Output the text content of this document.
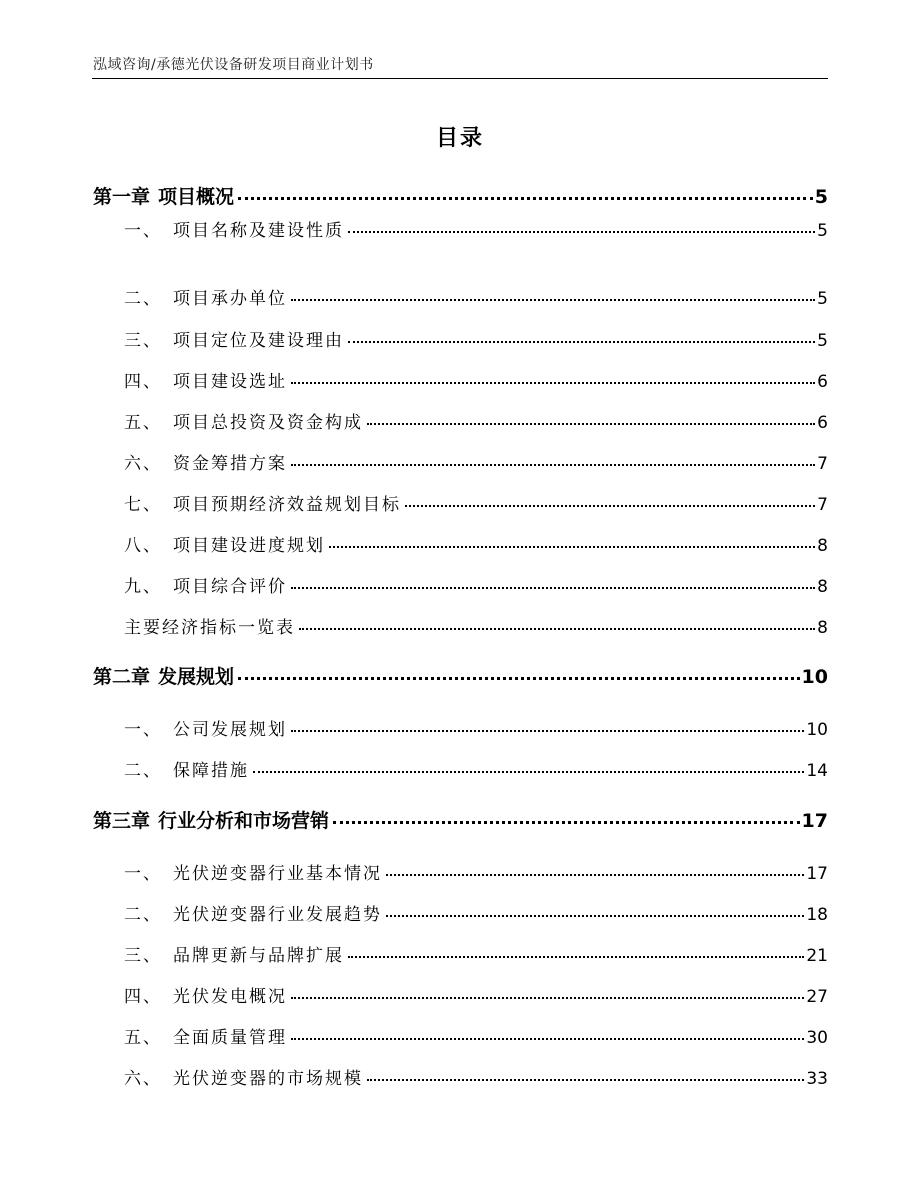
泓域咨询/承德光伏设备研发项目商业计划书
目录
第一章 项目概况	5
一、 项目名称及建设性质	5
二、 项目承办单位	5
三、 项目定位及建设理由	5
四、 项目建设选址	6
五、 项目总投资及资金构成	6
六、 资金筹措方案	7
七、 项目预期经济效益规划目标	7
八、 项目建设进度规划	8
九、 项目综合评价	8
主要经济指标一览表	8
第二章 发展规划	10
一、 公司发展规划	10
二、 保障措施	14
第三章 行业分析和市场营销	17
一、 光伏逆变器行业基本情况	17
二、 光伏逆变器行业发展趋势	18
三、 品牌更新与品牌扩展	21
四、 光伏发电概况	27
五、 全面质量管理	30
六、 光伏逆变器的市场规模	33
